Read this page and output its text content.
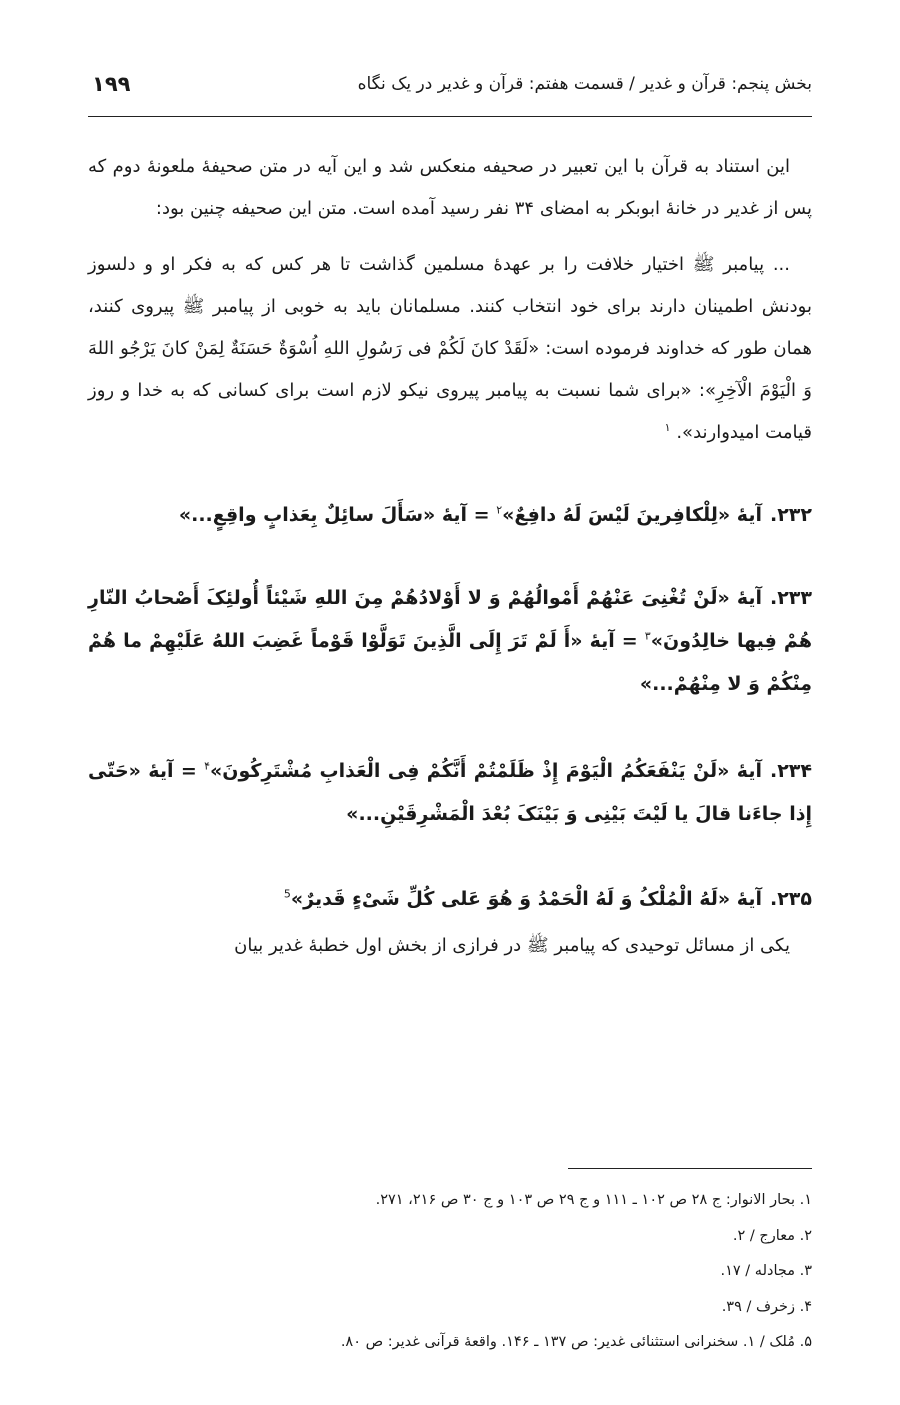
بخش پنجم: قرآن و غدیر / قسمت هفتم: قرآن و غدیر در یک نگاه
۱۹۹

این استناد به قرآن با این تعبیر در صحیفه منعکس شد و این آیه در متن صحیفهٔ ملعونهٔ دوم که پس از غدیر در خانهٔ ابوبکر به امضای ۳۴ نفر رسید آمده است. متن این صحیفه چنین بود:

... پیامبر ﷺ اختیار خلافت را بر عهدهٔ مسلمین گذاشت تا هر کس که به فکر او و دلسوز بودنش اطمینان دارند برای خود انتخاب کنند. مسلمانان باید به خوبی از پیامبر ﷺ پیروی کنند، همان طور که خداوند فرموده است: «لَقَدْ کانَ لَکُمْ فی رَسُولِ اللهِ اُسْوَةٌ حَسَنَةٌ لِمَنْ کانَ یَرْجُو اللهَ وَ الْیَوْمَ الْآخِرِ»: «برای شما نسبت به پیامبر پیروی نیکو لازم است برای کسانی که به خدا و روز قیامت امیدوارند». $^۱$

۲۳۲.آیهٔ «لِلْکافِرینَ لَیْسَ لَهُ دافِعٌ»$^۲$ = آیهٔ «سَأَلَ سائِلٌ بِعَذابٍ واقِعٍ...»

۲۳۳.آیهٔ «لَنْ تُغْنِیَ عَنْهُمْ أَمْوالُهُمْ وَ لا أَوْلادُهُمْ مِنَ اللهِ شَیْئاً أُولئِکَ أَصْحابُ النّارِ هُمْ فِیها خالِدُونَ»$^۳$ = آیهٔ «أَ لَمْ تَرَ إِلَی الَّذِینَ تَوَلَّوْا قَوْماً غَضِبَ اللهُ عَلَیْهِمْ ما هُمْ مِنْکُمْ وَ لا مِنْهُمْ...»

۲۳۴.آیهٔ «لَنْ یَنْفَعَکُمُ الْیَوْمَ إِذْ ظَلَمْتُمْ أَنَّکُمْ فِی الْعَذابِ مُشْتَرِکُونَ»$^۴$ = آیهٔ «حَتّی إِذا جاءَنا قالَ یا لَیْتَ بَیْنِی وَ بَیْنَکَ بُعْدَ الْمَشْرِقَیْنِ...»

۲۳۵.آیهٔ «لَهُ الْمُلْکُ وَ لَهُ الْحَمْدُ وَ هُوَ عَلی کُلِّ شَیْءٍ قَدیرٌ»$^5$

یکی از مسائل توحیدی که پیامبر ﷺ در فرازی از بخش اول خطبهٔ غدیر بیان

۱. بحار الانوار: ج ۲۸ ص ۱۰۲ ـ ۱۱۱ و ج ۲۹ ص ۱۰۳ و ج ۳۰ ص ۲۱۶، ۲۷۱.
۲. معارج / ۲.
۳. مجادله / ۱۷.
۴. زخرف / ۳۹.
۵. مُلک / ۱. سخنرانی استثنائی غدیر: ص ۱۳۷ ـ ۱۴۶. واقعهٔ قرآنی غدیر: ص ۸۰.
